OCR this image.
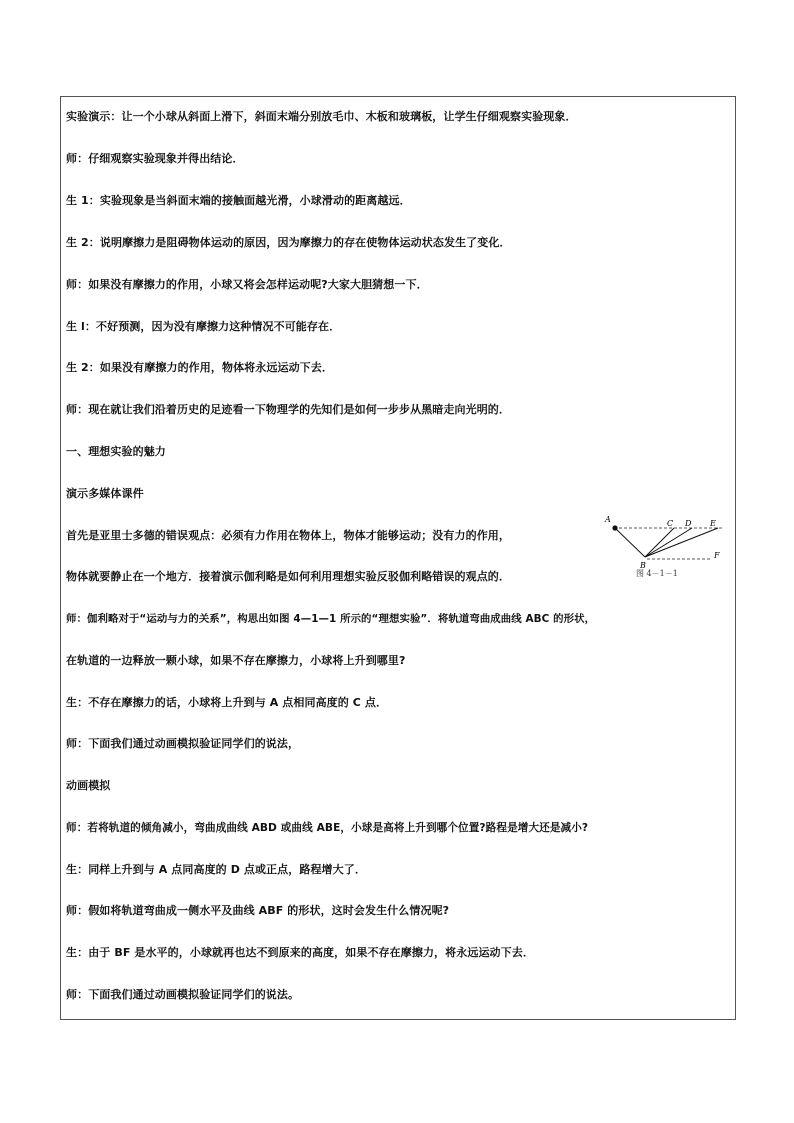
实验演示：让一个小球从斜面上滑下，斜面末端分别放毛巾、木板和玻璃板，让学生仔细观察实验现象．
师：仔细观察实验现象并得出结论．
生 1：实验现象是当斜面末端的接触面越光滑，小球滑动的距离越远．
生 2：说明摩擦力是阻碍物体运动的原因，因为摩擦力的存在使物体运动状态发生了变化．
师：如果没有摩擦力的作用，小球又将会怎样运动呢?大家大胆猜想一下．
生 l：不好预测，因为没有摩擦力这种情况不可能存在．
生 2：如果没有摩擦力的作用，物体将永远运动下去．
师：现在就让我们沿着历史的足迹看一下物理学的先知们是如何一步步从黑暗走向光明的．
一、理想实验的魅力
演示多媒体课件
首先是亚里士多德的错误观点：必须有力作用在物体上，物体才能够运动；没有力的作用，
物体就要静止在一个地方．接着演示伽利略是如何利用理想实验反驳伽利略错误的观点的．
师：伽利略对于“运动与力的关系”，构思出如图 4—1—1 所示的“理想实验”．将轨道弯曲成曲线 ABC 的形状，
在轨道的一边释放一颗小球，如果不存在摩擦力，小球将上升到哪里?
生：不存在摩擦力的话，小球将上升到与 A 点相同高度的 C 点．
师：下面我们通过动画模拟验证同学们的说法，
动画模拟
师：若将轨道的倾角减小，弯曲成曲线 ABD 或曲线 ABE，小球是高将上升到哪个位置?路程是增大还是减小?
生：同样上升到与 A 点同高度的 D 点或正点，路程增大了．
师：假如将轨道弯曲成一侧水平及曲线 ABF 的形状，这时会发生什么情况呢?
生：由于 BF 是水平的，小球就再也达不到原来的高度，如果不存在摩擦力，将永远运动下去．
师：下面我们通过动画模拟验证同学们的说法。
A
B
C D E
F
图 4－1－1
